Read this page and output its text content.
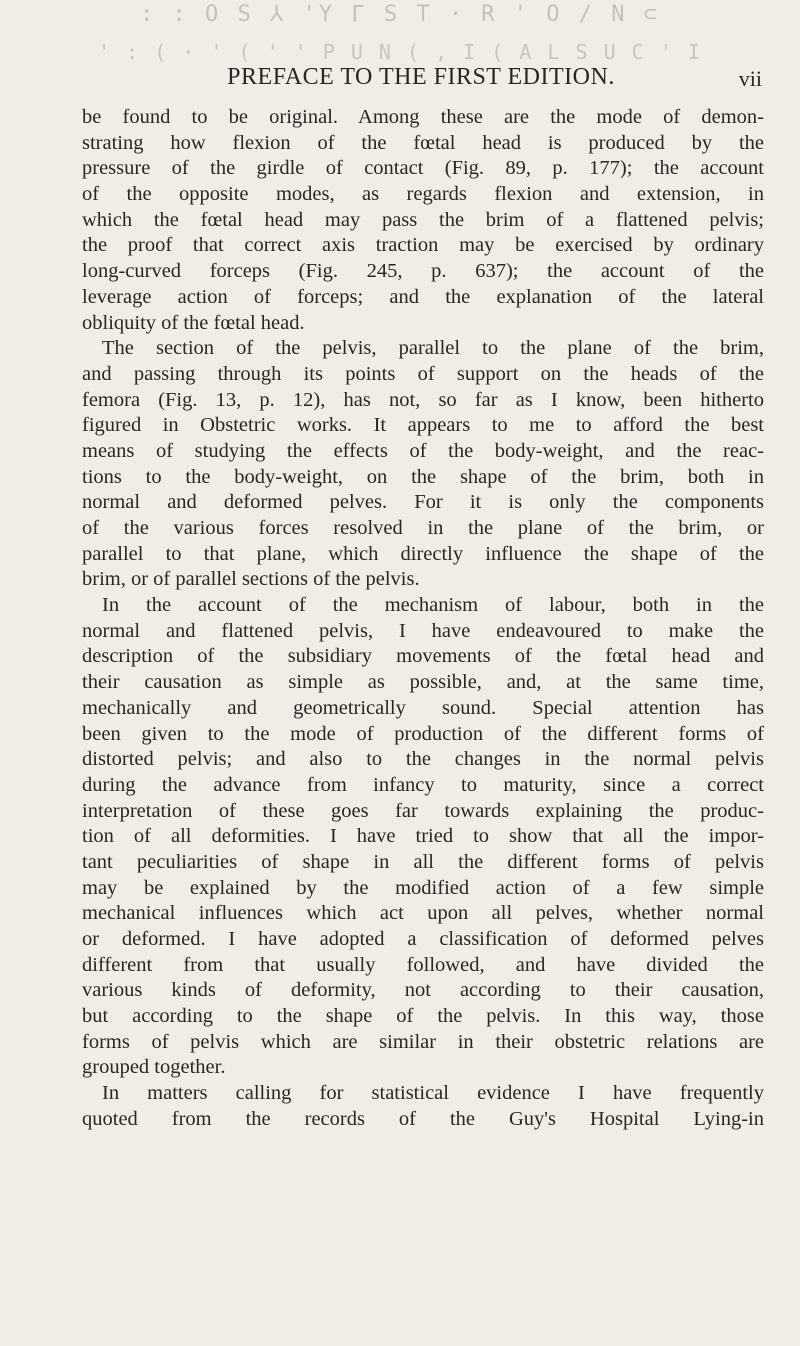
: : O S ⅄ 'Y Γ S T · R ' O / N ⊂
' : ( · ' ( ' ' P U N ( , I ( A L S U C ' I
PREFACE TO THE FIRST EDITION.	vii
be found to be original. Among these are the mode of demon-
strating how flexion of the fœtal head is produced by the
pressure of the girdle of contact (Fig. 89, p. 177); the account
of the opposite modes, as regards flexion and extension, in
which the fœtal head may pass the brim of a flattened pelvis;
the proof that correct axis traction may be exercised by ordinary
long-curved forceps (Fig. 245, p. 637); the account of the
leverage action of forceps; and the explanation of the lateral
obliquity of the fœtal head.
The section of the pelvis, parallel to the plane of the brim,
and passing through its points of support on the heads of the
femora (Fig. 13, p. 12), has not, so far as I know, been hitherto
figured in Obstetric works. It appears to me to afford the best
means of studying the effects of the body-weight, and the reac-
tions to the body-weight, on the shape of the brim, both in
normal and deformed pelves. For it is only the components
of the various forces resolved in the plane of the brim, or
parallel to that plane, which directly influence the shape of the
brim, or of parallel sections of the pelvis.
In the account of the mechanism of labour, both in the
normal and flattened pelvis, I have endeavoured to make the
description of the subsidiary movements of the fœtal head and
their causation as simple as possible, and, at the same time,
mechanically and geometrically sound. Special attention has
been given to the mode of production of the different forms of
distorted pelvis; and also to the changes in the normal pelvis
during the advance from infancy to maturity, since a correct
interpretation of these goes far towards explaining the produc-
tion of all deformities. I have tried to show that all the impor-
tant peculiarities of shape in all the different forms of pelvis
may be explained by the modified action of a few simple
mechanical influences which act upon all pelves, whether normal
or deformed. I have adopted a classification of deformed pelves
different from that usually followed, and have divided the
various kinds of deformity, not according to their causation,
but according to the shape of the pelvis. In this way, those
forms of pelvis which are similar in their obstetric relations are
grouped together.
In matters calling for statistical evidence I have frequently
quoted from the records of the Guy's Hospital Lying-in
